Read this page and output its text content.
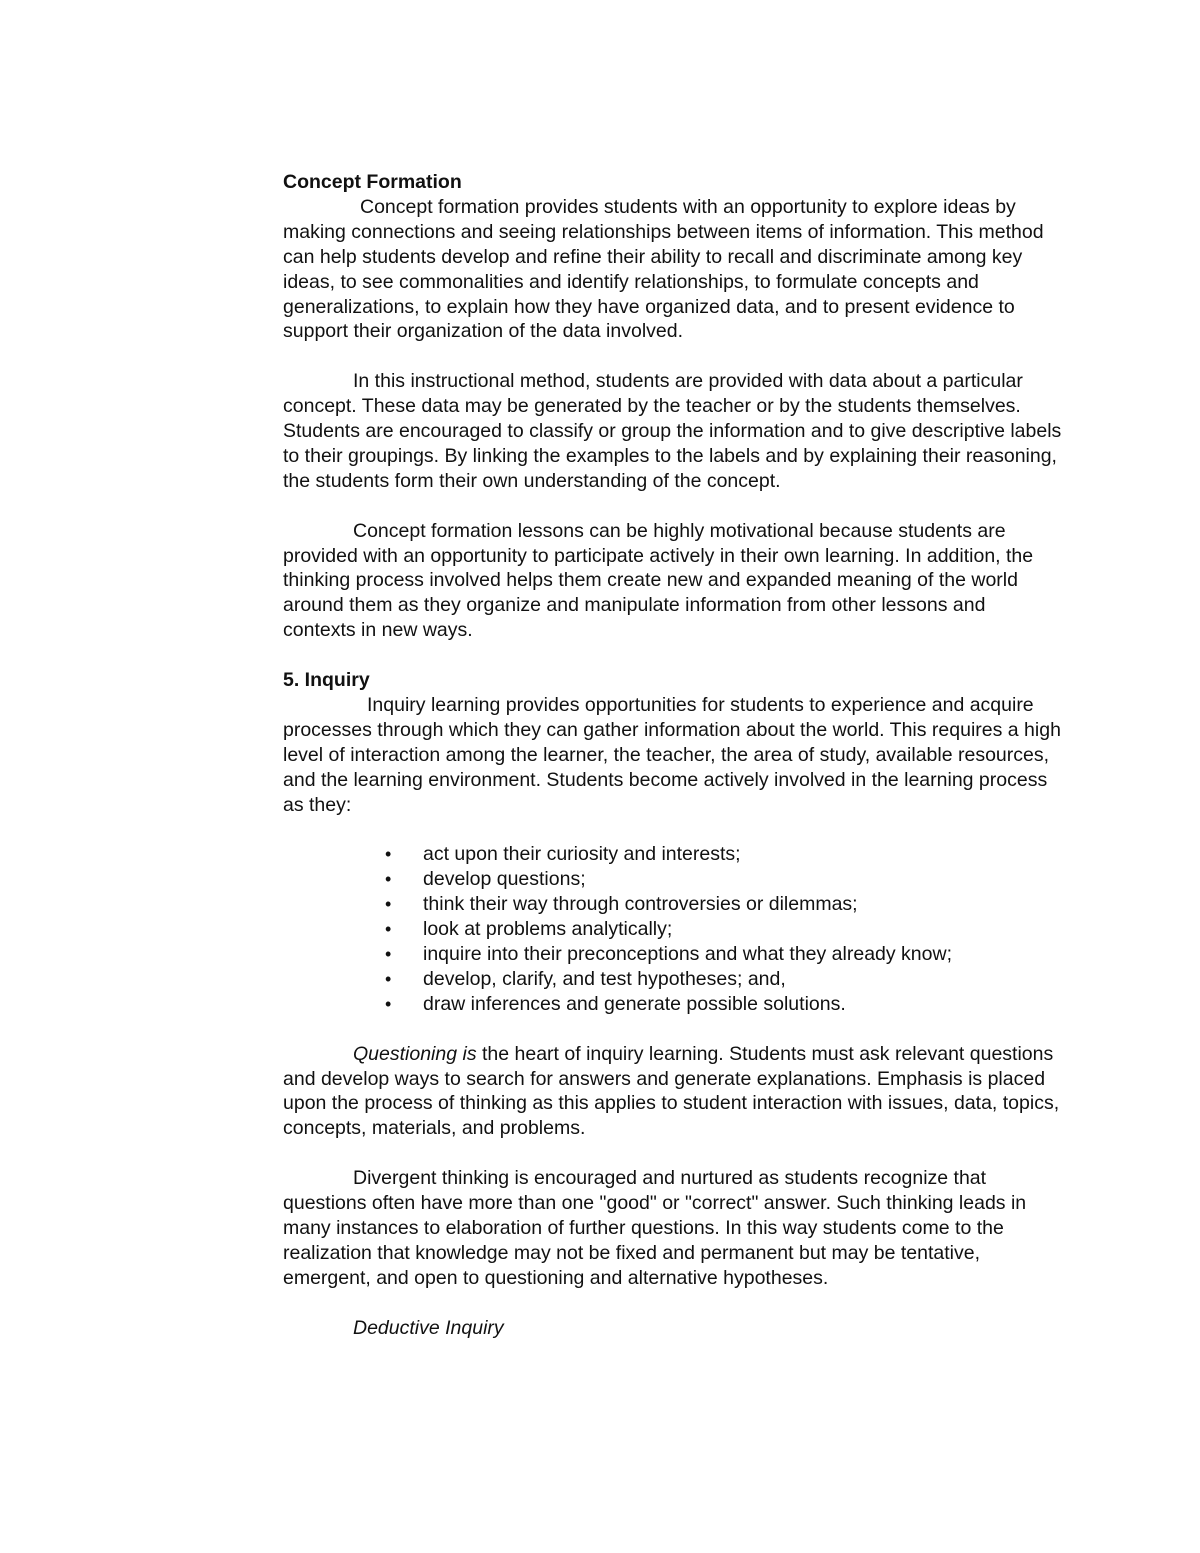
Concept Formation

Concept formation provides students with an opportunity to explore ideas by making connections and seeing relationships between items of information. This method can help students develop and refine their ability to recall and discriminate among key ideas, to see commonalities and identify relationships, to formulate concepts and generalizations, to explain how they have organized data, and to present evidence to support their organization of the data involved.

In this instructional method, students are provided with data about a particular concept. These data may be generated by the teacher or by the students themselves. Students are encouraged to classify or group the information and to give descriptive labels to their groupings. By linking the examples to the labels and by explaining their reasoning, the students form their own understanding of the concept.

Concept formation lessons can be highly motivational because students are provided with an opportunity to participate actively in their own learning. In addition, the thinking process involved helps them create new and expanded meaning of the world around them as they organize and manipulate information from other lessons and contexts in new ways.

5. Inquiry

Inquiry learning provides opportunities for students to experience and acquire processes through which they can gather information about the world. This requires a high level of interaction among the learner, the teacher, the area of study, available resources, and the learning environment. Students become actively involved in the learning process as they:

• act upon their curiosity and interests;
• develop questions;
• think their way through controversies or dilemmas;
• look at problems analytically;
• inquire into their preconceptions and what they already know;
• develop, clarify, and test hypotheses; and,
• draw inferences and generate possible solutions.

Questioning is the heart of inquiry learning. Students must ask relevant questions and develop ways to search for answers and generate explanations. Emphasis is placed upon the process of thinking as this applies to student interaction with issues, data, topics, concepts, materials, and problems.

Divergent thinking is encouraged and nurtured as students recognize that questions often have more than one "good" or "correct" answer. Such thinking leads in many instances to elaboration of further questions. In this way students come to the realization that knowledge may not be fixed and permanent but may be tentative, emergent, and open to questioning and alternative hypotheses.

Deductive Inquiry
